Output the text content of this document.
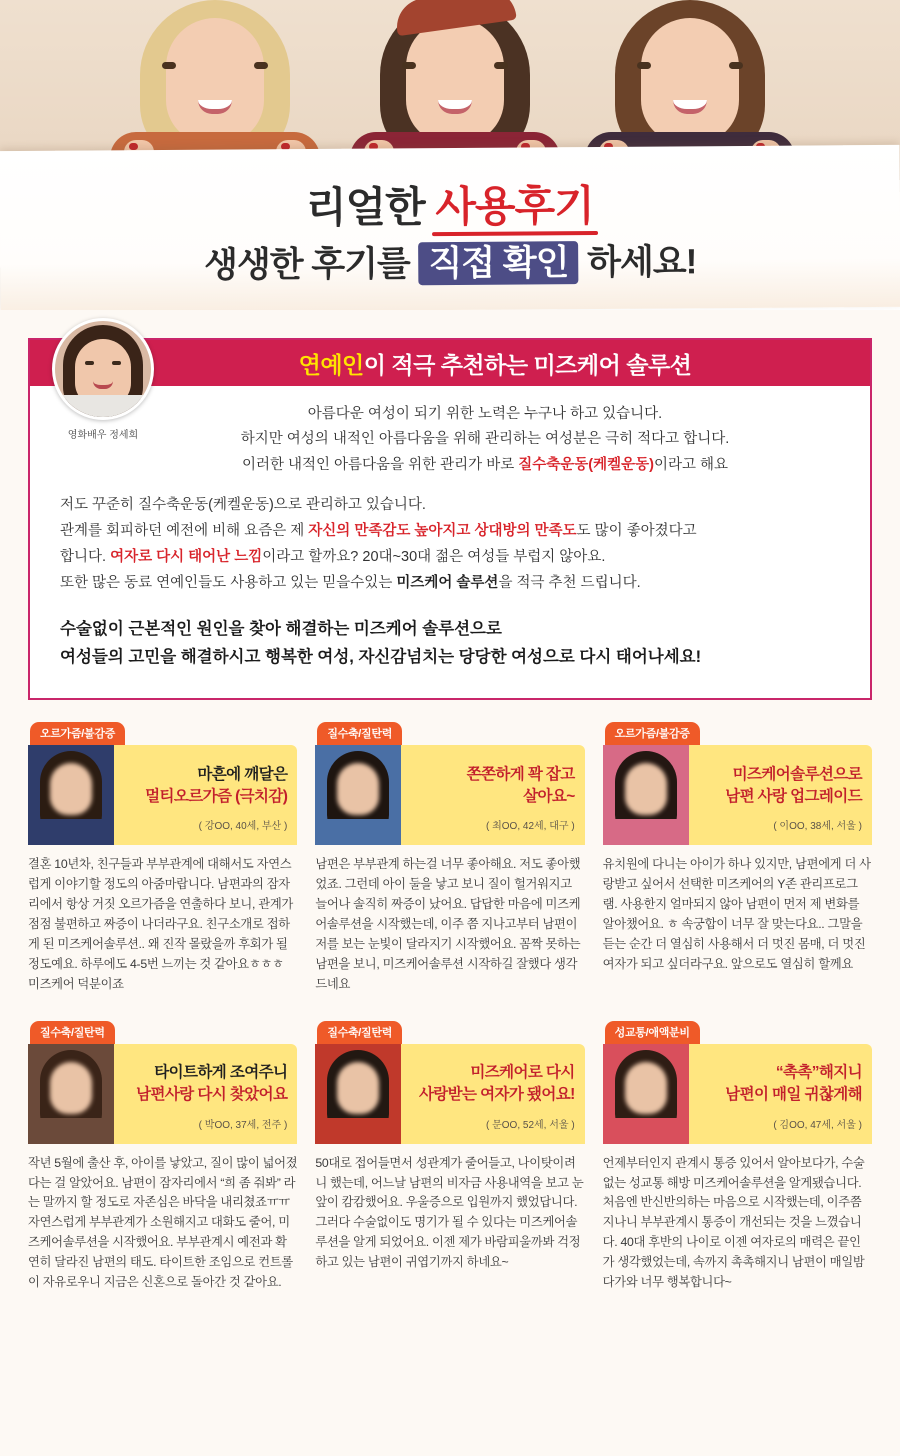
리얼한 사용후기
생생한 후기를 직접 확인 하세요!
연예인이 적극 추천하는 미즈케어 솔루션
아름다운 여성이 되기 위한 노력은 누구나 하고 있습니다.
하지만 여성의 내적인 아름다움을 위해 관리하는 여성분은 극히 적다고 합니다.
이러한 내적인 아름다움을 위한 관리가 바로 질수축운동(케켈운동)이라고 해요
저도 꾸준히 질수축운동(케켈운동)으로 관리하고 있습니다.
관계를 회피하던 예전에 비해 요즘은 제 자신의 만족감도 높아지고 상대방의 만족도도 많이 좋아졌다고
합니다. 여자로 다시 태어난 느낌이라고 할까요? 20대~30대 젊은 여성들 부럽지 않아요.
또한 많은 동료 연예인들도 사용하고 있는 믿을수있는 미즈케어 솔루션을 적극 추천 드립니다.
수술없이 근본적인 원인을 찾아 해결하는 미즈케어 솔루션으로
여성들의 고민을 해결하시고 행복한 여성, 자신감넘치는 당당한 여성으로 다시 태어나세요!
영화배우 정세희
오르가즘/불감증
마흔에 깨달은
멀티오르가즘 (극치감)
( 강OO, 40세, 부산 )
결혼 10년차, 친구들과 부부관계에 대해서도 자연스럽게 이야기할 정도의 아줌마랍니다. 남편과의 잠자리에서 항상 거짓 오르가즘을 연출하다 보니, 관계가 점점 불편하고 짜증이 나더라구요. 친구소개로 접하게 된 미즈케어솔루션.. 왜 진작 몰랐을까 후회가 될 정도예요. 하루에도 4-5번 느끼는 것 같아요ㅎㅎㅎ 미즈케어 덕분이죠
질수축/질탄력
쫀쫀하게 꽉 잡고
살아요~
( 최OO, 42세, 대구 )
남편은 부부관계 하는걸 너무 좋아해요. 저도 좋아했었죠. 그런데 아이 둘을 낳고 보니 질이 헐거워지고 늘어나 솔직히 짜증이 났어요. 답답한 마음에 미즈케어솔루션을 시작했는데, 이주 쯤 지나고부터 남편이 저를 보는 눈빛이 달라지기 시작했어요. 꼼짝 못하는 남편을 보니, 미즈케어솔루션 시작하길 잘했다 생각드네요
오르가즘/불감증
미즈케어솔루션으로
남편 사랑 업그레이드
( 이OO, 38세, 서울 )
유치원에 다니는 아이가 하나 있지만, 남편에게 더 사랑받고 싶어서 선택한 미즈케어의 Y존 관리프로그램. 사용한지 얼마되지 않아 남편이 먼저 제 변화를 알아챘어요. ㅎ 속궁합이 너무 잘 맞는다요.. 그말을 듣는 순간 더 열심히 사용해서 더 멋진 몸매, 더 멋진 여자가 되고 싶더라구요. 앞으로도 열심히 할께요
질수축/질탄력
타이트하게 조여주니
남편사랑 다시 찾았어요
( 박OO, 37세, 전주 )
작년 5월에 출산 후, 아이를 낳았고, 질이 많이 넓어졌다는 걸 알았어요. 남편이 잠자리에서 “희 좀 줘봐” 라는 말까지 할 정도로 자존심은 바닥을 내리쳤죠ㅠㅠ 자연스럽게 부부관계가 소원해지고 대화도 줄어, 미즈케어솔루션을 시작했어요. 부부관계시 예전과 확연히 달라진 남편의 태도. 타이트한 조임으로 컨트롤이 자유로우니 지금은 신혼으로 돌아간 것 같아요.
질수축/질탄력
미즈케어로 다시
사랑받는 여자가 됐어요!
( 문OO, 52세, 서울 )
50대로 접어들면서 성관계가 줄어들고, 나이탓이려니 했는데, 어느날 남편의 비자금 사용내역을 보고 눈앞이 캄캄했어요. 우울증으로 입원까지 했었답니다. 그러다 수술없이도 명기가 될 수 있다는 미즈케어솔루션을 알게 되었어요. 이젠 제가 바람피울까봐 걱정하고 있는 남편이 귀엽기까지 하네요~
성교통/애액분비
“촉촉”해지니
남편이 매일 귀찮게해
( 김OO, 47세, 서울 )
언제부터인지 관계시 통증 있어서 알아보다가, 수술없는 성교통 해방 미즈케어솔루션을 알게됐습니다. 처음엔 반신반의하는 마음으로 시작했는데, 이주쯤 지나니 부부관계시 통증이 개선되는 것을 느꼈습니다. 40대 후반의 나이로 이젠 여자로의 매력은 끝인가 생각했었는데, 속까지 촉촉해지니 남편이 매일밤 다가와 너무 행복합니다~
